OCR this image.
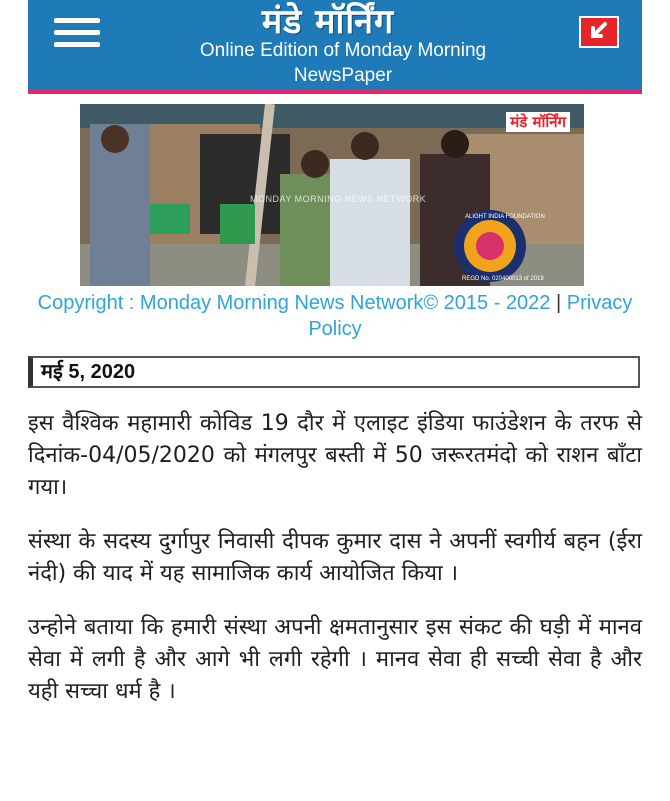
मंडे मॉर्निंग
Online Edition of Monday Morning
NewsPaper
मंडे मॉर्निंग
MONDAY MORNING NEWS NETWORK
ALIGHT INDIA FOUNDATION
REGD No. 020400013 of 2019
Copyright : Monday Morning News Network© 2015 - 2022 | Privacy Policy
मई 5, 2020

इस वैश्विक महामारी कोविड 19 दौर में एलाइट इंडिया फाउंडेशन के तरफ से दिनांक-04/05/2020 को मंगलपुर बस्ती में 50 जरूरतमंदो को राशन बाँटा गया।

संस्था के सदस्य दुर्गापुर निवासी दीपक कुमार दास ने अपनीं स्वगीर्य बहन (ईरा नंदी) की याद में यह सामाजिक कार्य आयोजित किया ।

उन्होने बताया कि हमारी संस्था अपनी क्षमतानुसार इस संकट की घड़ी में मानव सेवा में लगी है और आगे भी लगी रहेगी । मानव सेवा ही सच्ची सेवा है और यही सच्चा धर्म है ।
